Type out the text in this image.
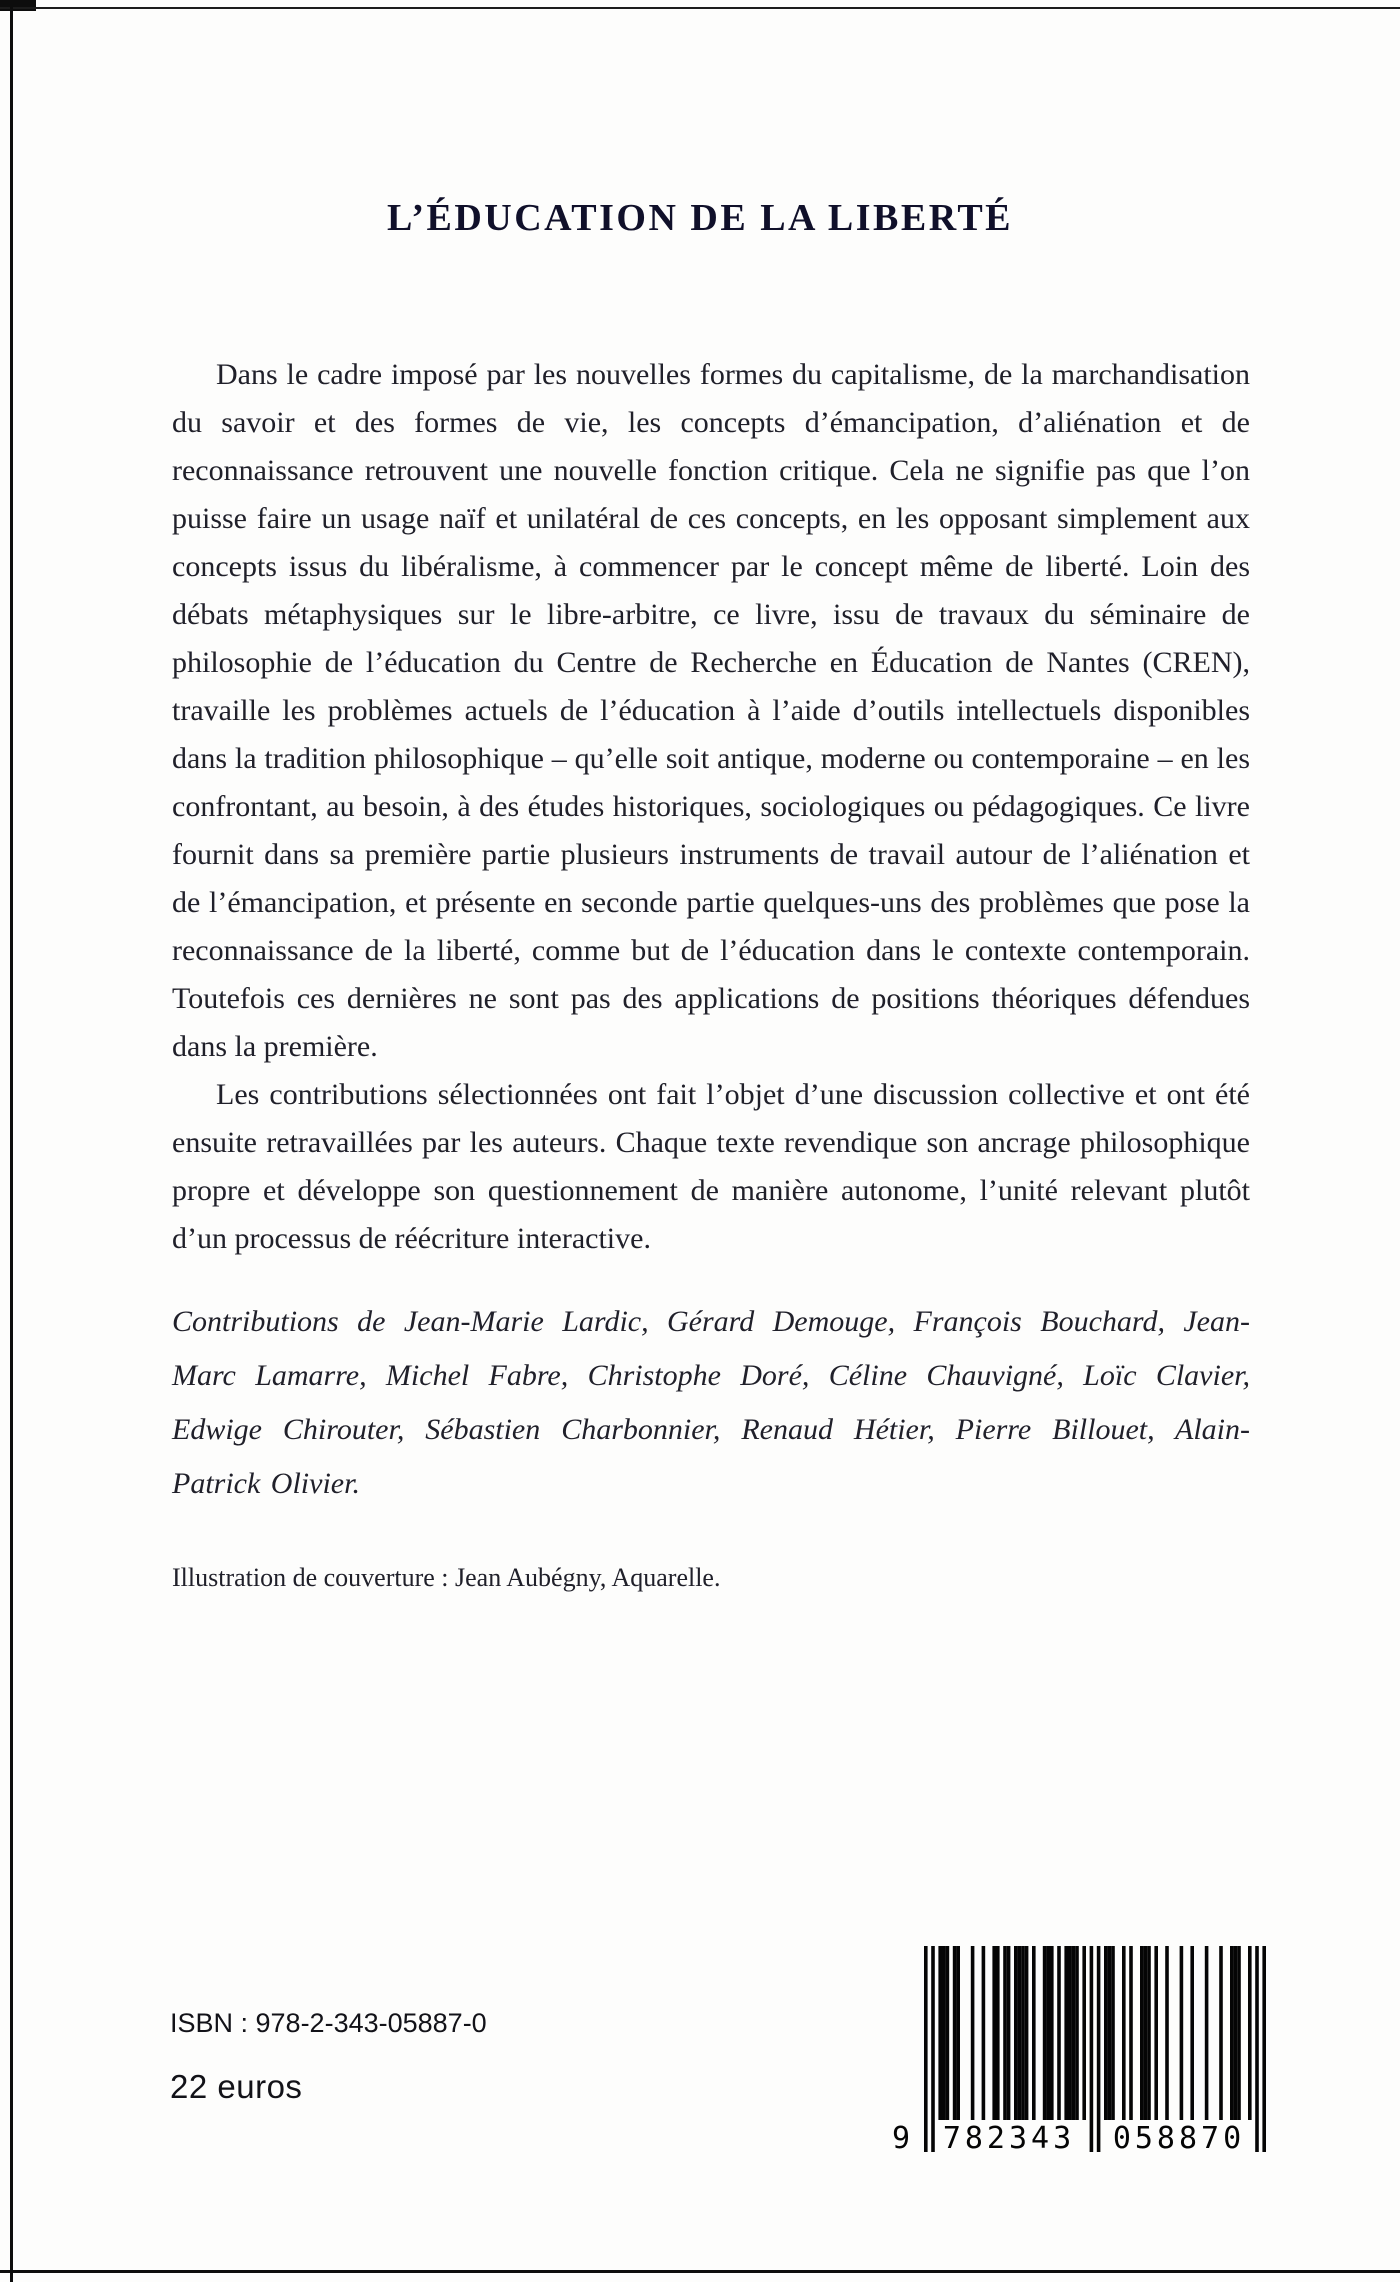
L’ÉDUCATION DE LA LIBERTÉ

Dans le cadre imposé par les nouvelles formes du capitalisme, de la marchandisation du savoir et des formes de vie, les concepts d’émancipation, d’aliénation et de reconnaissance retrouvent une nouvelle fonction critique. Cela ne signifie pas que l’on puisse faire un usage naïf et unilatéral de ces concepts, en les opposant simplement aux concepts issus du libéralisme, à commencer par le concept même de liberté. Loin des débats métaphysiques sur le libre-arbitre, ce livre, issu de travaux du séminaire de philosophie de l’éducation du Centre de Recherche en Éducation de Nantes (CREN), travaille les problèmes actuels de l’éducation à l’aide d’outils intellectuels disponibles dans la tradition philosophique – qu’elle soit antique, moderne ou contemporaine – en les confrontant, au besoin, à des études historiques, sociologiques ou pédagogiques. Ce livre fournit dans sa première partie plusieurs instruments de travail autour de l’aliénation et de l’émancipation, et présente en seconde partie quelques-uns des problèmes que pose la reconnaissance de la liberté, comme but de l’éducation dans le contexte contemporain. Toutefois ces dernières ne sont pas des applications de positions théoriques défendues dans la première.

Les contributions sélectionnées ont fait l’objet d’une discussion collective et ont été ensuite retravaillées par les auteurs. Chaque texte revendique son ancrage philosophique propre et développe son questionnement de manière autonome, l’unité relevant plutôt d’un processus de réécriture interactive.

Contributions de Jean-Marie Lardic, Gérard Demouge, François Bouchard, Jean-Marc Lamarre, Michel Fabre, Christophe Doré, Céline Chauvigné, Loïc Clavier, Edwige Chirouter, Sébastien Charbonnier, Renaud Hétier, Pierre Billouet, Alain-Patrick Olivier.

Illustration de couverture : Jean Aubégny, Aquarelle.

ISBN : 978-2-343-05887-0
22 euros
9 782343 058870
